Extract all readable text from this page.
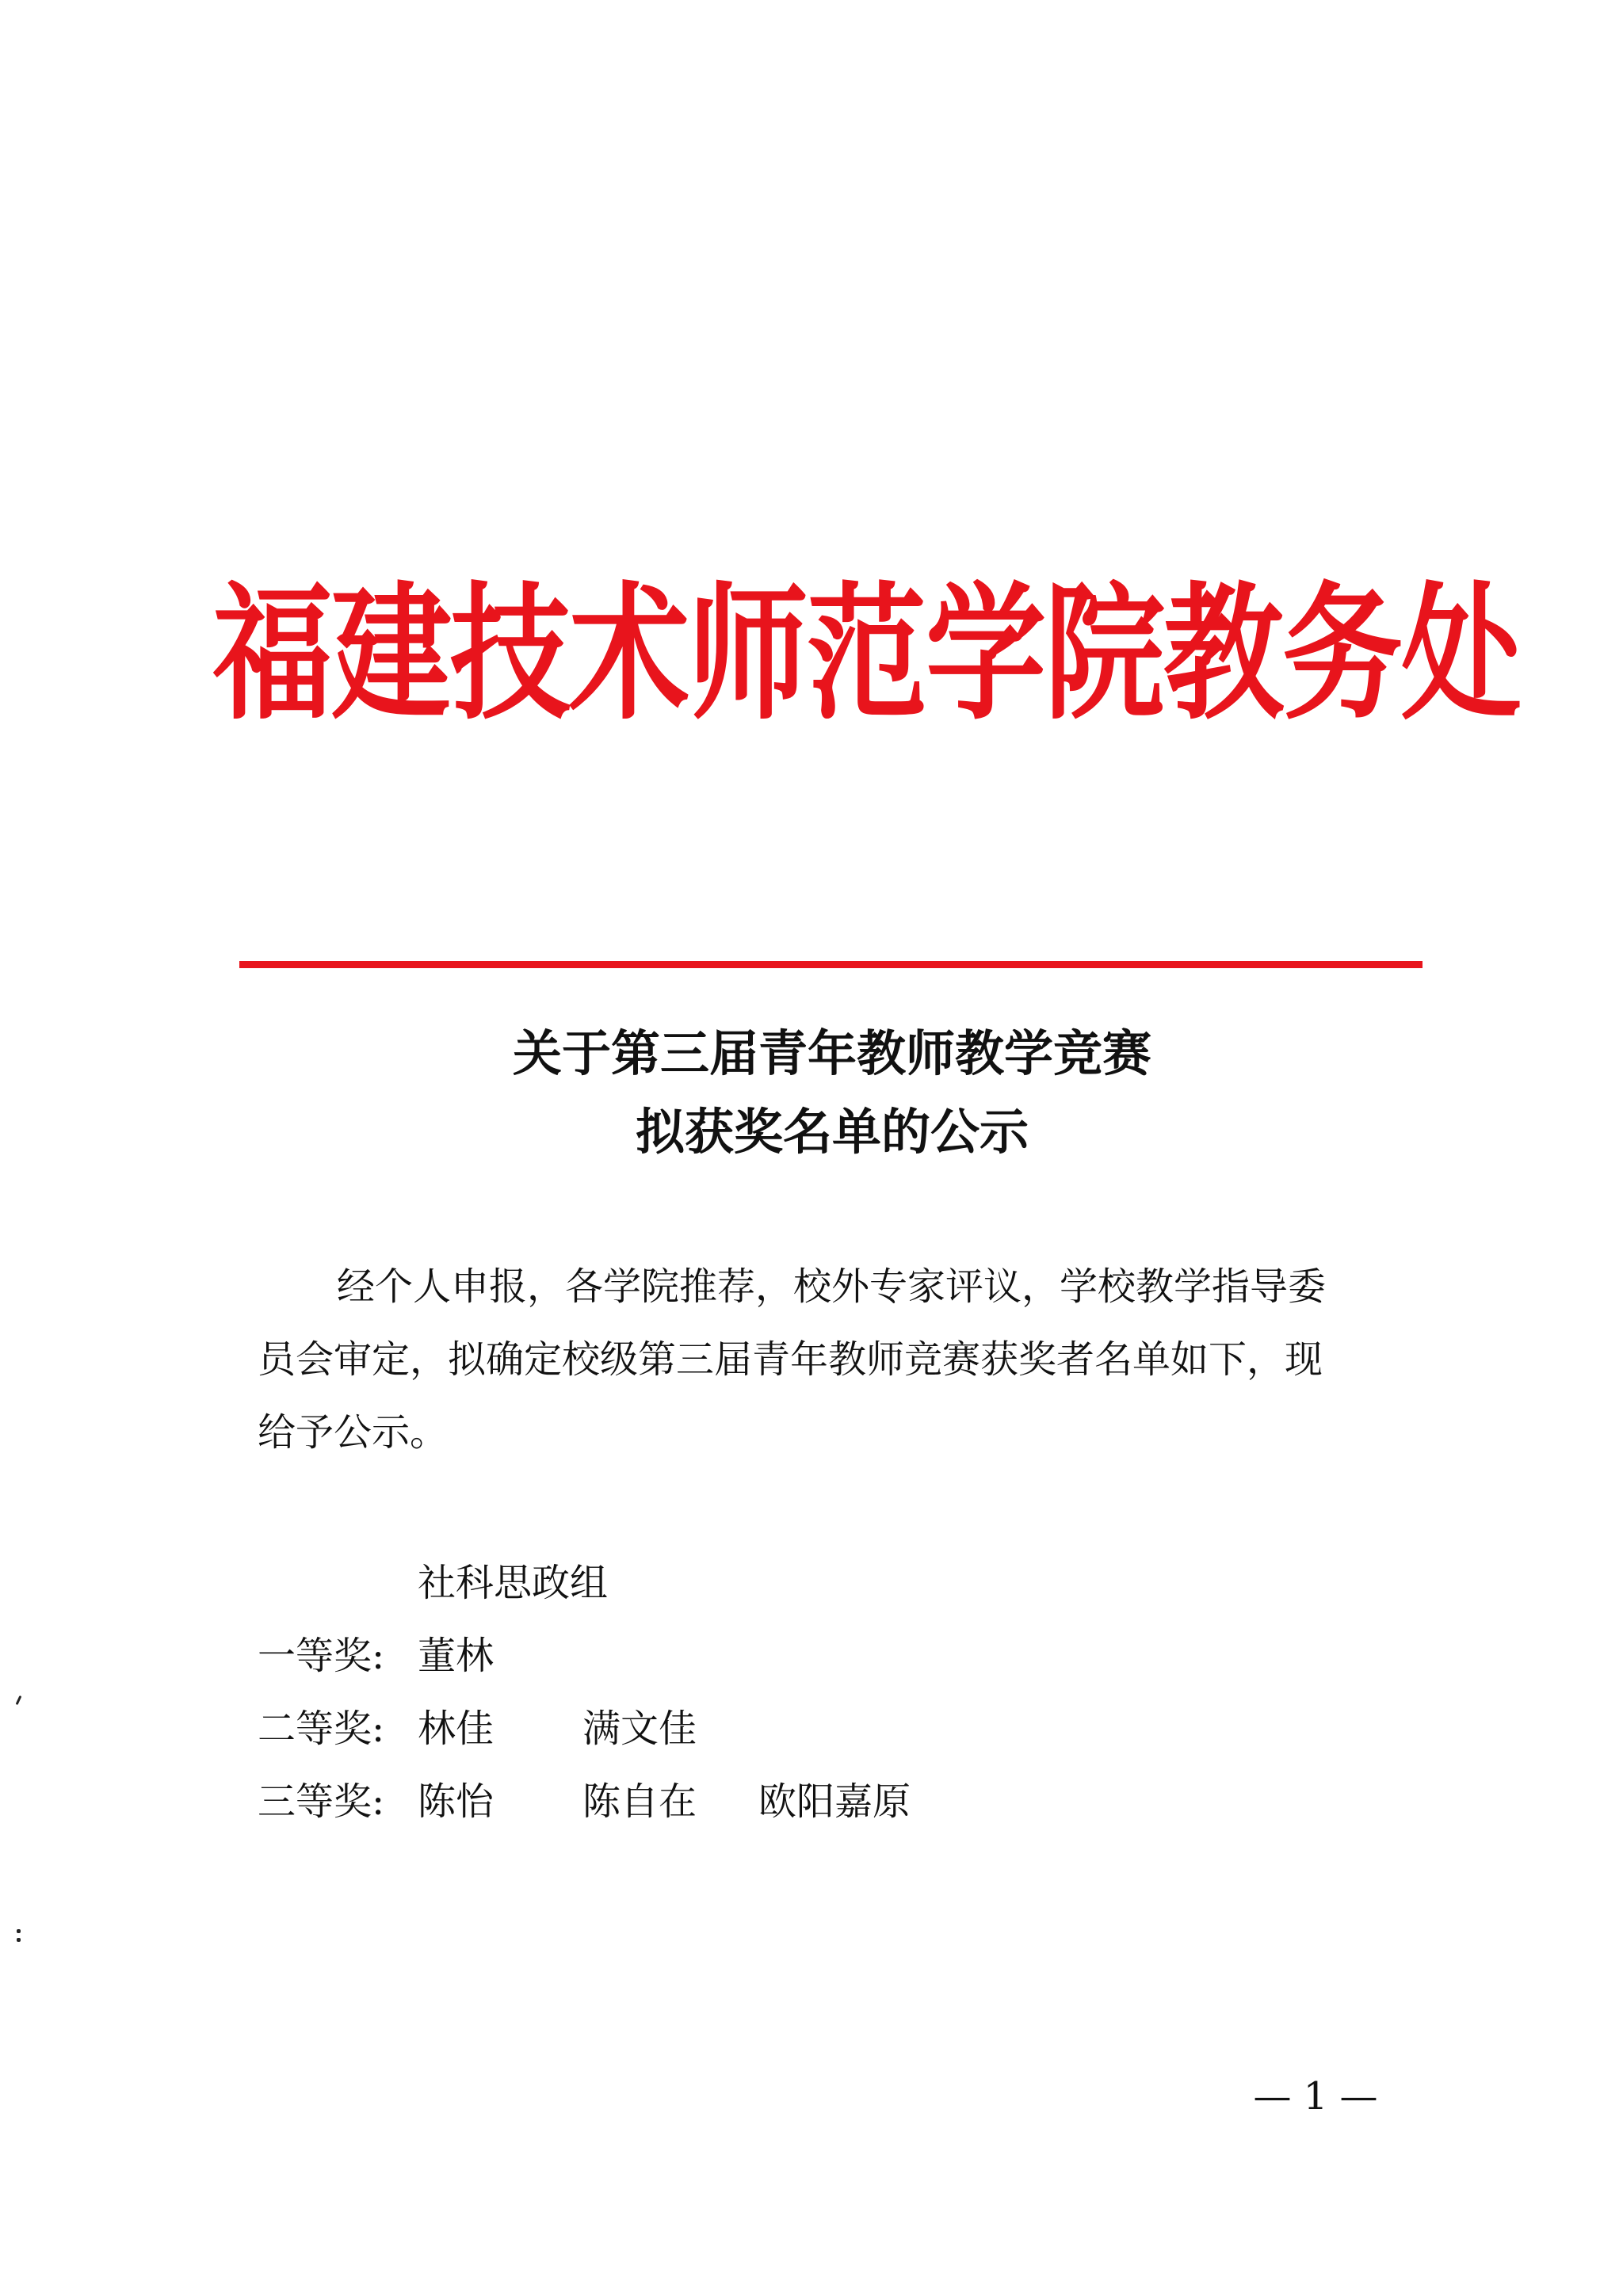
福建技术师范学院教务处
关于第三届青年教师教学竞赛
拟获奖名单的公示
经个人申报，各学院推荐，校外专家评议，学校教学指导委
员会审定，拟确定校级第三届青年教师竞赛获奖者名单如下，现
给予公示。
社科思政组
一等奖: 董林
二等奖: 林佳 满文佳
三等奖: 陈怡 陈自在 欧阳嘉原
— 1 —
